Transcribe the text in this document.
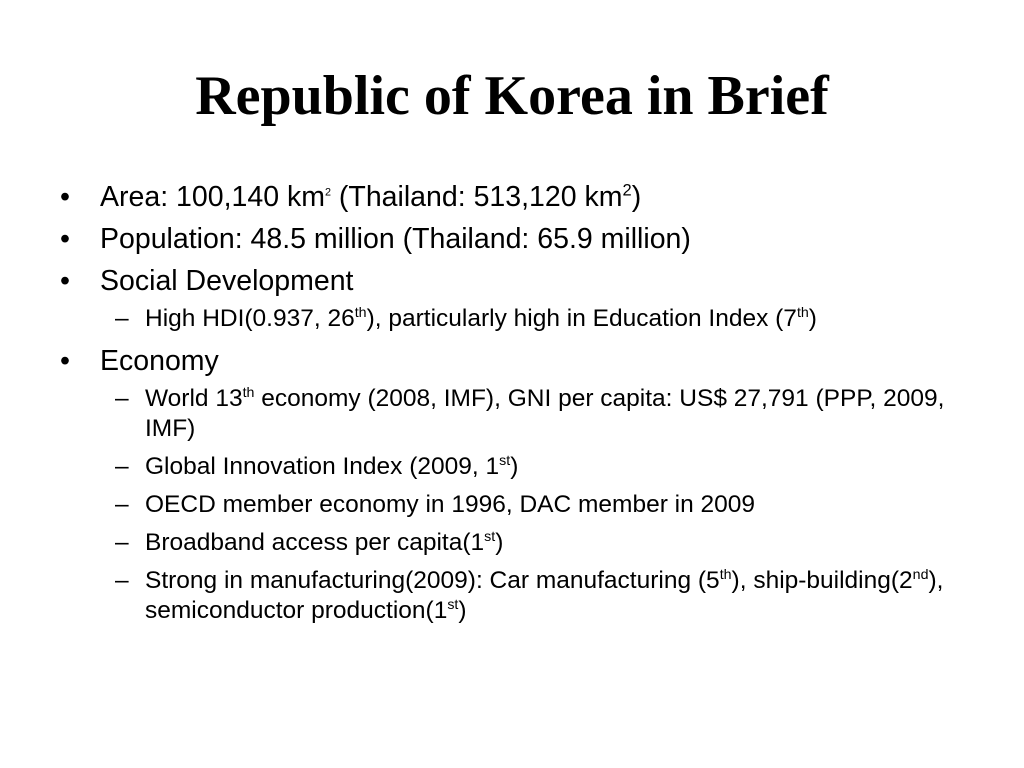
Republic of Korea in Brief
• Area: 100,140 $km^2$ (Thailand: 513,120 $km^2$)
• Population: 48.5 million (Thailand: 65.9 million)
• Social Development
– High HDI(0.937, 26th), particularly high in Education Index (7th)
• Economy
– World 13th economy (2008, IMF), GNI per capita: US$ 27,791 (PPP, 2009, IMF)
– Global Innovation Index (2009, 1st)
– OECD member economy in 1996, DAC member in 2009
– Broadband access per capita(1st)
– Strong in manufacturing(2009): Car manufacturing (5th), ship-building(2nd), semiconductor production(1st)
